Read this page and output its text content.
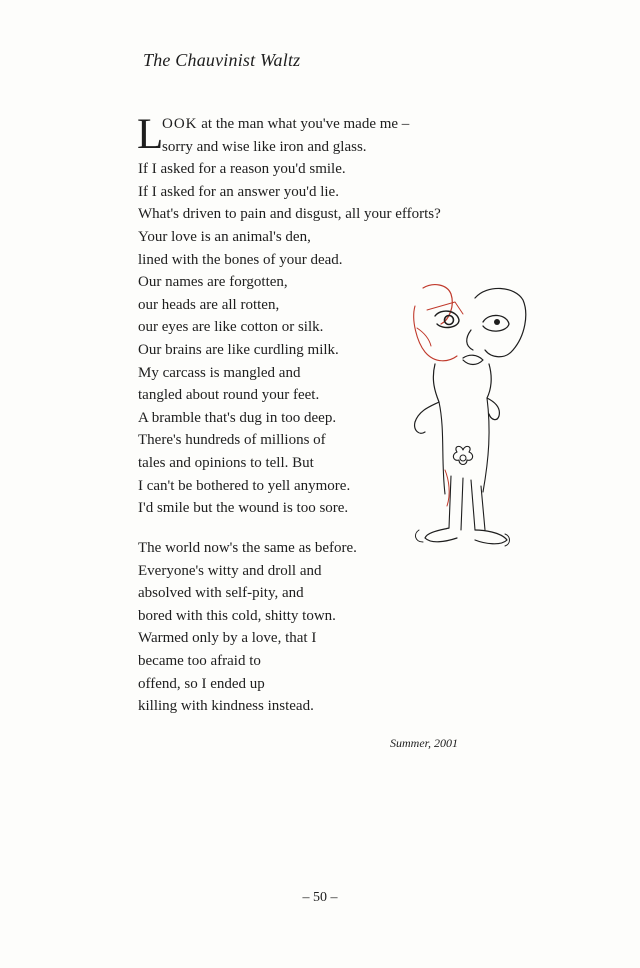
The Chauvinist Waltz
L
OOK at the man what you've made me –
sorry and wise like iron and glass.
If I asked for a reason you'd smile.
If I asked for an answer you'd lie.
What's driven to pain and disgust, all your efforts?
Your love is an animal's den,
lined with the bones of your dead.
Our names are forgotten,
our heads are all rotten,
our eyes are like cotton or silk.
Our brains are like curdling milk.
My carcass is mangled and
tangled about round your feet.
A bramble that's dug in too deep.
There's hundreds of millions of
tales and opinions to tell. But
I can't be bothered to yell anymore.
I'd smile but the wound is too sore.
The world now's the same as before.
Everyone's witty and droll and
absolved with self-pity, and
bored with this cold, shitty town.
Warmed only by a love, that I
became too afraid to
offend, so I ended up
killing with kindness instead.
Summer, 2001
– 50 –
